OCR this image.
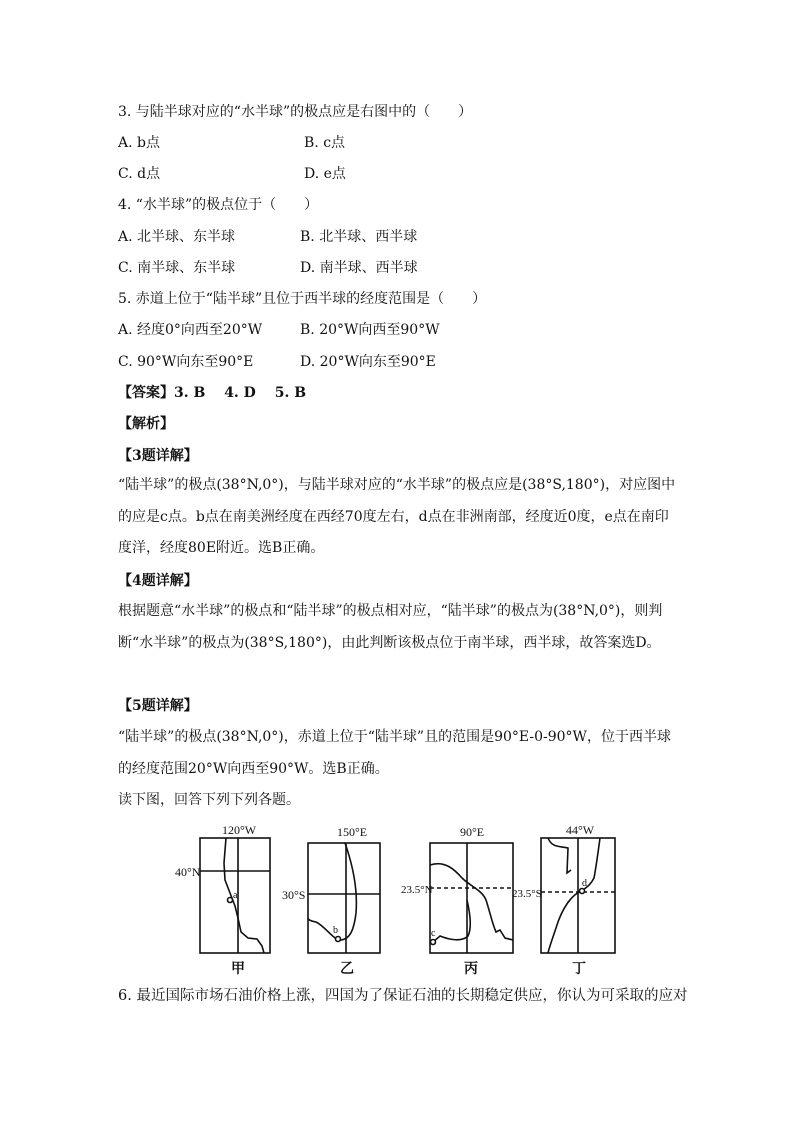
3. 与陆半球对应的“水半球”的极点应是右图中的（　　）
A. b点	B. c点
C. d点	D. e点
4. “水半球”的极点位于（　　）
A. 北半球、东半球	B. 北半球、西半球
C. 南半球、东半球	D. 南半球、西半球
5. 赤道上位于“陆半球”且位于西半球的经度范围是（　　）
A. 经度0°向西至20°W	B. 20°W向西至90°W
C. 90°W向东至90°E	D. 20°W向东至90°E
【答案】3. B　 4. D　 5. B
【解析】
【3题详解】
“陆半球”的极点(38°N,0°)，与陆半球对应的“水半球”的极点应是(38°S,180°)，对应图中的应是c点。b点在南美洲经度在西经70度左右，d点在非洲南部，经度近0度，e点在南印度洋，经度80E附近。选B正确。
【4题详解】
根据题意“水半球”的极点和“陆半球”的极点相对应，“陆半球”的极点为(38°N,0°)，则判断“水半球”的极点为(38°S,180°)，由此判断该极点位于南半球，西半球，故答案选D。
【5题详解】
“陆半球”的极点(38°N,0°)，赤道上位于“陆半球”且的范围是90°E-0-90°W，位于西半球的经度范围20°W向西至90°W。选B正确。
读下图，回答下列下列各题。
120°W
40°N
a
甲
150°E
30°S
b
乙
90°E
23.5°N
c
丙
44°W
23.5°S
d
丁
6. 最近国际市场石油价格上涨，四国为了保证石油的长期稳定供应，你认为可采取的应对
